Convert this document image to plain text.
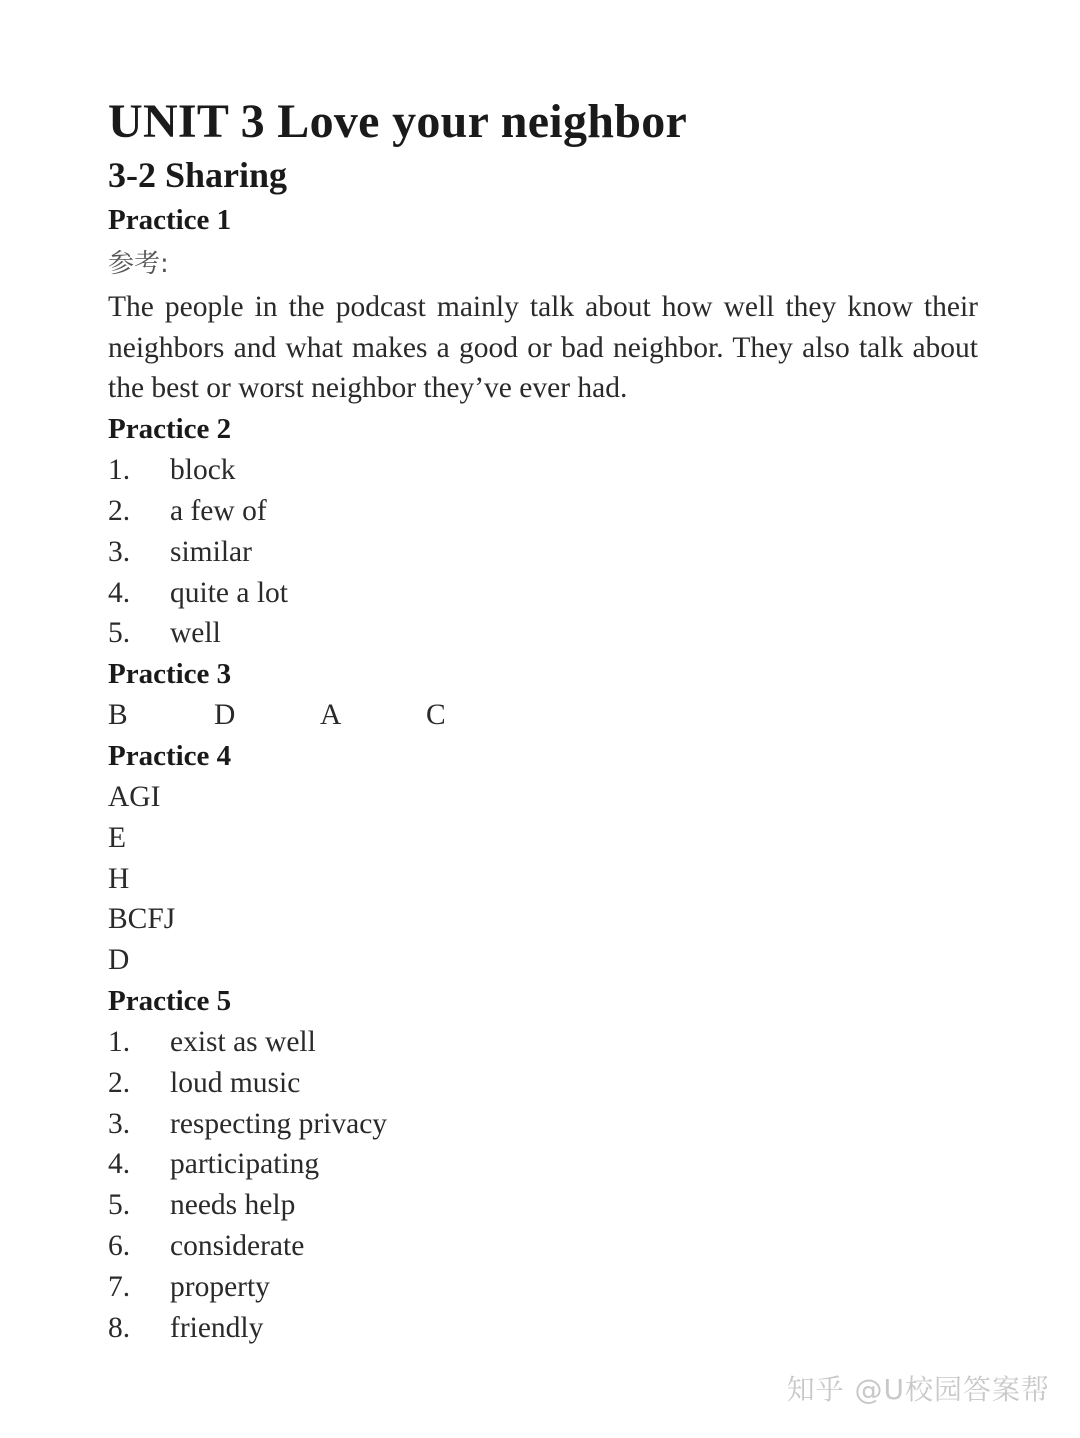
UNIT 3 Love your neighbor
3-2 Sharing
Practice 1

参考:

The people in the podcast mainly talk about how well they know their neighbors and what makes a good or bad neighbor. They also talk about the best or worst neighbor they’ve ever had.

Practice 2
1.	block
2.	a few of
3.	similar
4.	quite a lot
5.	well
Practice 3
B	D	A	C
Practice 4
AGI
E
H
BCFJ
D
Practice 5
1.	exist as well
2.	loud music
3.	respecting privacy
4.	participating
5.	needs help
6.	considerate
7.	property
8.	friendly
知乎 @U校园答案帮
